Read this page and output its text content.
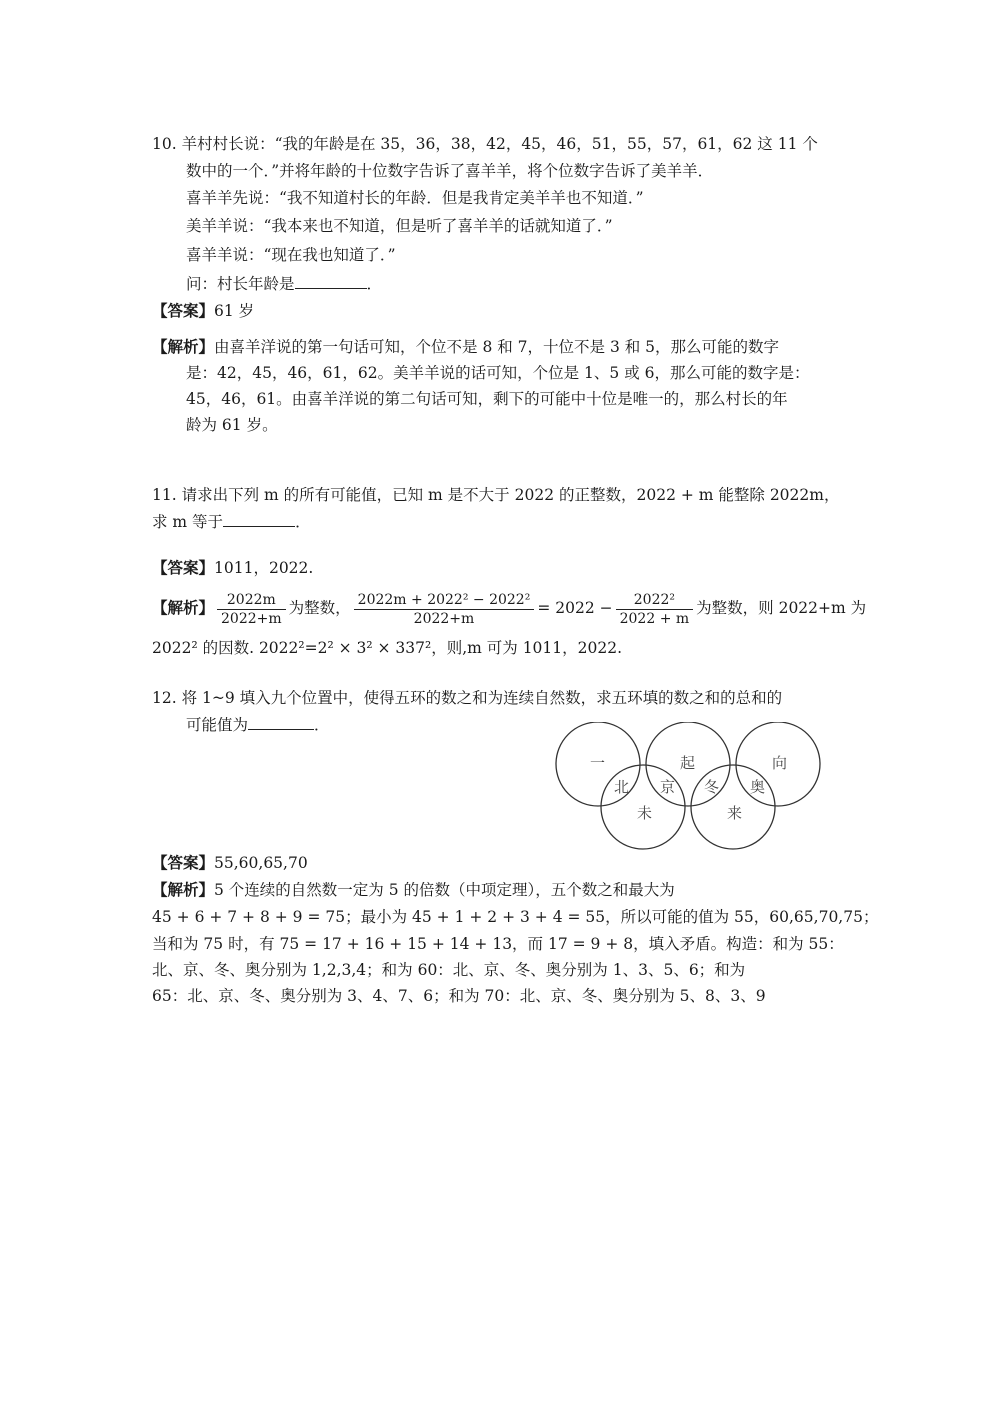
10. 羊村村长说：“我的年龄是在 35，36，38，42，45，46，51，55，57，61，62 这 11 个
数中的一个．”并将年龄的十位数字告诉了喜羊羊，将个位数字告诉了美羊羊．
喜羊羊先说：“我不知道村长的年龄．但是我肯定美羊羊也不知道．”
美羊羊说：“我本来也不知道，但是听了喜羊羊的话就知道了．”
喜羊羊说：“现在我也知道了．”
问：村长年龄是	．
【答案】61 岁
【解析】由喜羊洋说的第一句话可知，个位不是 8 和 7，十位不是 3 和 5，那么可能的数字
是：42，45，46，61，62。美羊羊说的话可知，个位是 1、5 或 6，那么可能的数字是：
45，46，61。由喜羊洋说的第二句话可知，剩下的可能中十位是唯一的，那么村长的年
龄为 61 岁。
11. 请求出下列 m 的所有可能值，已知 m 是不大于 2022 的正整数，2022 + m 能整除 2022m，
求 m 等于	．
【答案】1011，2022.
【解析】 $\frac{2022m}{2022+m}$ 为整数， $\frac{\text{2022m + 2022² − 2022²}}{2022+m} = 2022 - \frac{\text{2022²}}{2022 + m}$ 为整数，则 2022+m 为
2022² 的因数. 2022²=2² × 3² × 337²，则,m 可为 1011，2022.
12. 将 1~9 填入九个位置中，使得五环的数之和为连续自然数，求五环填的数之和的总和的
可能值为	．
一	起	向
北 京 冬 奥
未	来
【答案】55,60,65,70
【解析】5 个连续的自然数一定为 5 的倍数（中项定理），五个数之和最大为
45 + 6 + 7 + 8 + 9 = 75；最小为 45 + 1 + 2 + 3 + 4 = 55，所以可能的值为 55，60,65,70,75；
当和为 75 时，有 75 = 17 + 16 + 15 + 14 + 13，而 17 = 9 + 8，填入矛盾。构造：和为 55：
北、京、冬、奥分别为 1,2,3,4；和为 60：北、京、冬、奥分别为 1、3、5、6；和为
65：北、京、冬、奥分别为 3、4、7、6；和为 70：北、京、冬、奥分别为 5、8、3、9
